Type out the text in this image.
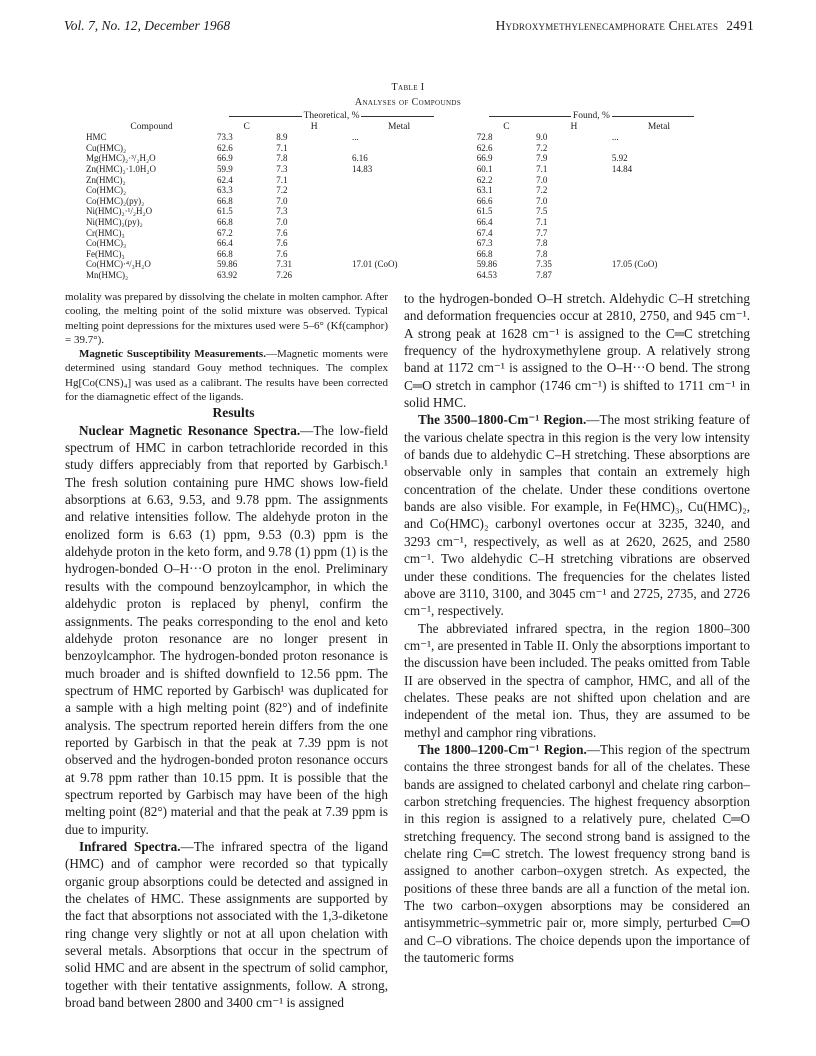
Vol. 7, No. 12, December 1968	Hydroxymethylenecamphorate Chelates 2491
Table I
Analyses of Compounds

Theoretical, %				Found, %		
Compound	C	H	Metal		C	H	Metal
HMC	73.3	8.9	...		72.8	9.0	...
Cu(HMC)₂	62.6	7.1			62.6	7.2	
Mg(HMC)₂·³/₂H₂O	66.9	7.8	6.16		66.9	7.9	5.92
Zn(HMC)₂·1.0H₂O	59.9	7.3	14.83		60.1	7.1	14.84
Zn(HMC)₂	62.4	7.1			62.2	7.0	
Co(HMC)₂	63.3	7.2			63.1	7.2	
Co(HMC)₂(py)₂	66.8	7.0			66.6	7.0	
Ni(HMC)₂·¹/₂H₂O	61.5	7.3			61.5	7.5	
Ni(HMC)₂(py)₂	66.8	7.0			66.4	7.1	
Cr(HMC)₃	67.2	7.6			67.4	7.7	
Co(HMC)₃	66.4	7.6			67.3	7.8	
Fe(HMC)₃	66.8	7.6			66.8	7.8	
Co(HMC)·⁴/₃H₂O	59.86	7.31	17.01 (CoO)		59.86	7.35	17.05 (CoO)
Mn(HMC)₂	63.92	7.26			64.53	7.87	

molality was prepared by dissolving the chelate in molten camphor. After cooling, the melting point of the solid mixture was observed. Typical melting point depressions for the mixtures used were 5–6° (Kf(camphor) = 39.7°).

Magnetic Susceptibility Measurements.—Magnetic moments were determined using standard Gouy method techniques. The complex Hg[Co(CNS)₄] was used as a calibrant. The results have been corrected for the diamagnetic effect of the ligands.

Results

Nuclear Magnetic Resonance Spectra.—The low-field spectrum of HMC in carbon tetrachloride recorded in this study differs appreciably from that reported by Garbisch.¹ The fresh solution containing pure HMC shows low-field absorptions at 6.63, 9.53, and 9.78 ppm. The assignments and relative intensities follow. The aldehyde proton in the enolized form is 6.63 (1) ppm, 9.53 (0.3) ppm is the aldehyde proton in the keto form, and 9.78 (1) ppm (1) is the hydrogen-bonded O–H···O proton in the enol. Preliminary results with the compound benzoylcamphor, in which the aldehydic proton is replaced by phenyl, confirm the assignments. The peaks corresponding to the enol and keto aldehyde proton resonance are no longer present in benzoylcamphor. The hydrogen-bonded proton resonance is much broader and is shifted downfield to 12.56 ppm. The spectrum of HMC reported by Garbisch¹ was duplicated for a sample with a high melting point (82°) and of indefinite analysis. The spectrum reported herein differs from the one reported by Garbisch in that the peak at 7.39 ppm is not observed and the hydrogen-bonded proton resonance occurs at 9.78 ppm rather than 10.15 ppm. It is possible that the spectrum reported by Garbisch may have been of the high melting point (82°) material and that the peak at 7.39 ppm is due to impurity.

Infrared Spectra.—The infrared spectra of the ligand (HMC) and of camphor were recorded so that typically organic group absorptions could be detected and assigned in the chelates of HMC. These assignments are supported by the fact that absorptions not associated with the 1,3-diketone ring change very slightly or not at all upon chelation with several metals. Absorptions that occur in the spectrum of solid HMC and are absent in the spectrum of solid camphor, together with their tentative assignments, follow. A strong, broad band between 2800 and 3400 cm⁻¹ is assigned

to the hydrogen-bonded O–H stretch. Aldehydic C–H stretching and deformation frequencies occur at 2810, 2750, and 945 cm⁻¹. A strong peak at 1628 cm⁻¹ is assigned to the C═C stretching frequency of the hydroxymethylene group. A relatively strong band at 1172 cm⁻¹ is assigned to the O–H···O bend. The strong C═O stretch in camphor (1746 cm⁻¹) is shifted to 1711 cm⁻¹ in solid HMC.

The 3500–1800-Cm⁻¹ Region.—The most striking feature of the various chelate spectra in this region is the very low intensity of bands due to aldehydic C–H stretching. These absorptions are observable only in samples that contain an extremely high concentration of the chelate. Under these conditions overtone bands are also visible. For example, in Fe(HMC)₃, Cu(HMC)₂, and Co(HMC)₂ carbonyl overtones occur at 3235, 3240, and 3293 cm⁻¹, respectively, as well as at 2620, 2625, and 2580 cm⁻¹. Two aldehydic C–H stretching vibrations are observed under these conditions. The frequencies for the chelates listed above are 3110, 3100, and 3045 cm⁻¹ and 2725, 2735, and 2726 cm⁻¹, respectively.

The abbreviated infrared spectra, in the region 1800–300 cm⁻¹, are presented in Table II. Only the absorptions important to the discussion have been included. The peaks omitted from Table II are observed in the spectra of camphor, HMC, and all of the chelates. These peaks are not shifted upon chelation and are independent of the metal ion. Thus, they are assumed to be methyl and camphor ring vibrations.

The 1800–1200-Cm⁻¹ Region.—This region of the spectrum contains the three strongest bands for all of the chelates. These bands are assigned to chelated carbonyl and chelate ring carbon–carbon stretching frequencies. The highest frequency absorption in this region is assigned to a relatively pure, chelated C═O stretching frequency. The second strong band is assigned to the chelate ring C═C stretch. The lowest frequency strong band is assigned to another carbon–oxygen stretch. As expected, the positions of these three bands are all a function of the metal ion. The two carbon–oxygen absorptions may be considered an antisymmetric–symmetric pair or, more simply, perturbed C═O and C–O vibrations. The choice depends upon the importance of the tautomeric forms
